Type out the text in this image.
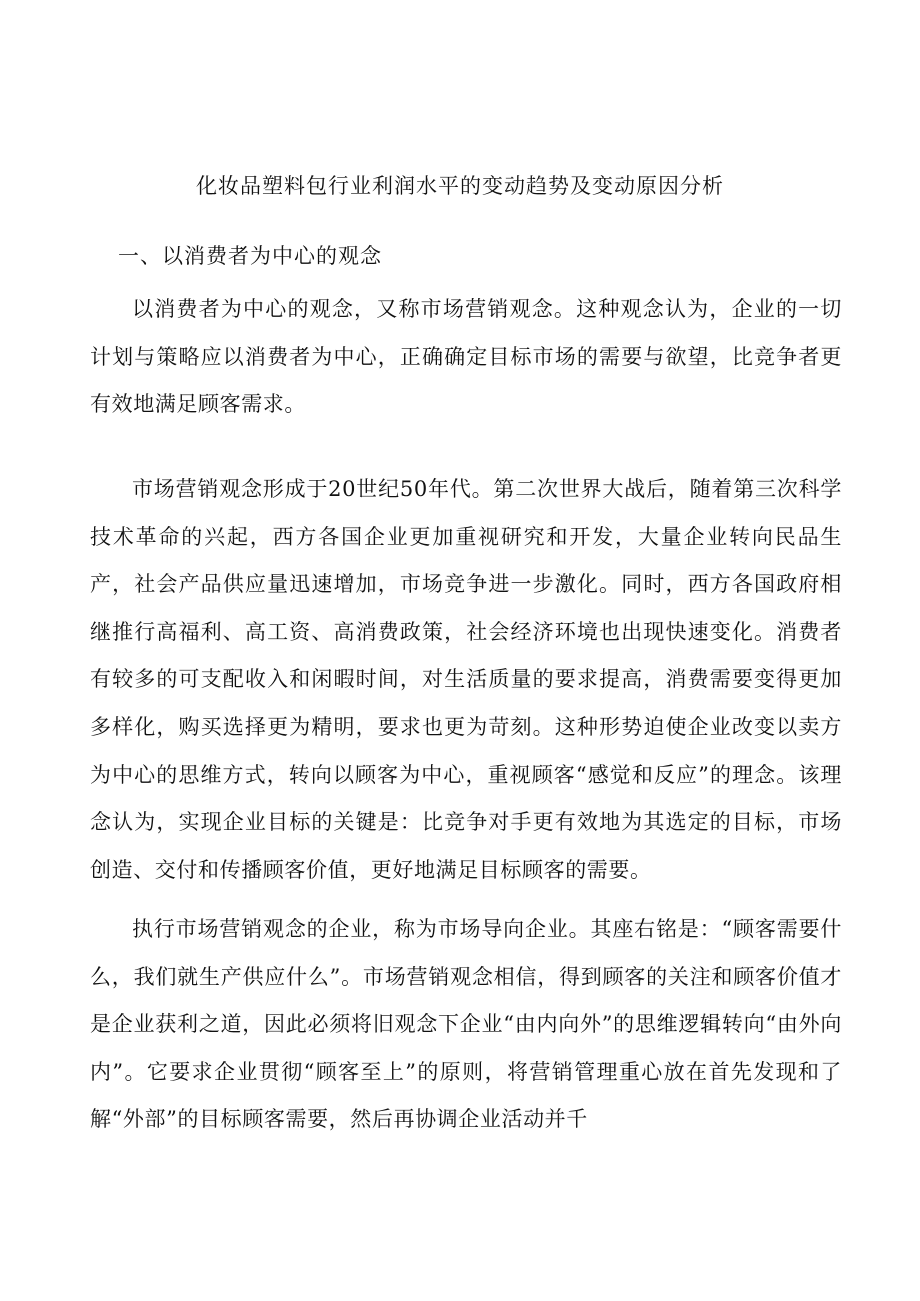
化妆品塑料包行业利润水平的变动趋势及变动原因分析
一、以消费者为中心的观念

以消费者为中心的观念，又称市场营销观念。这种观念认为，企业的一切计划与策略应以消费者为中心，正确确定目标市场的需要与欲望，比竞争者更有效地满足顾客需求。

市场营销观念形成于20世纪50年代。第二次世界大战后，随着第三次科学技术革命的兴起，西方各国企业更加重视研究和开发，大量企业转向民品生产，社会产品供应量迅速增加，市场竞争进一步激化。同时，西方各国政府相继推行高福利、高工资、高消费政策，社会经济环境也出现快速变化。消费者有较多的可支配收入和闲暇时间，对生活质量的要求提高，消费需要变得更加多样化，购买选择更为精明，要求也更为苛刻。这种形势迫使企业改变以卖方为中心的思维方式，转向以顾客为中心，重视顾客“感觉和反应”的理念。该理念认为，实现企业目标的关键是：比竞争对手更有效地为其选定的目标，市场创造、交付和传播顾客价值，更好地满足目标顾客的需要。

执行市场营销观念的企业，称为市场导向企业。其座右铭是：“顾客需要什么，我们就生产供应什么”。市场营销观念相信，得到顾客的关注和顾客价值才是企业获利之道，因此必须将旧观念下企业“由内向外”的思维逻辑转向“由外向内”。它要求企业贯彻“顾客至上”的原则，将营销管理重心放在首先发现和了解“外部”的目标顾客需要，然后再协调企业活动并千
